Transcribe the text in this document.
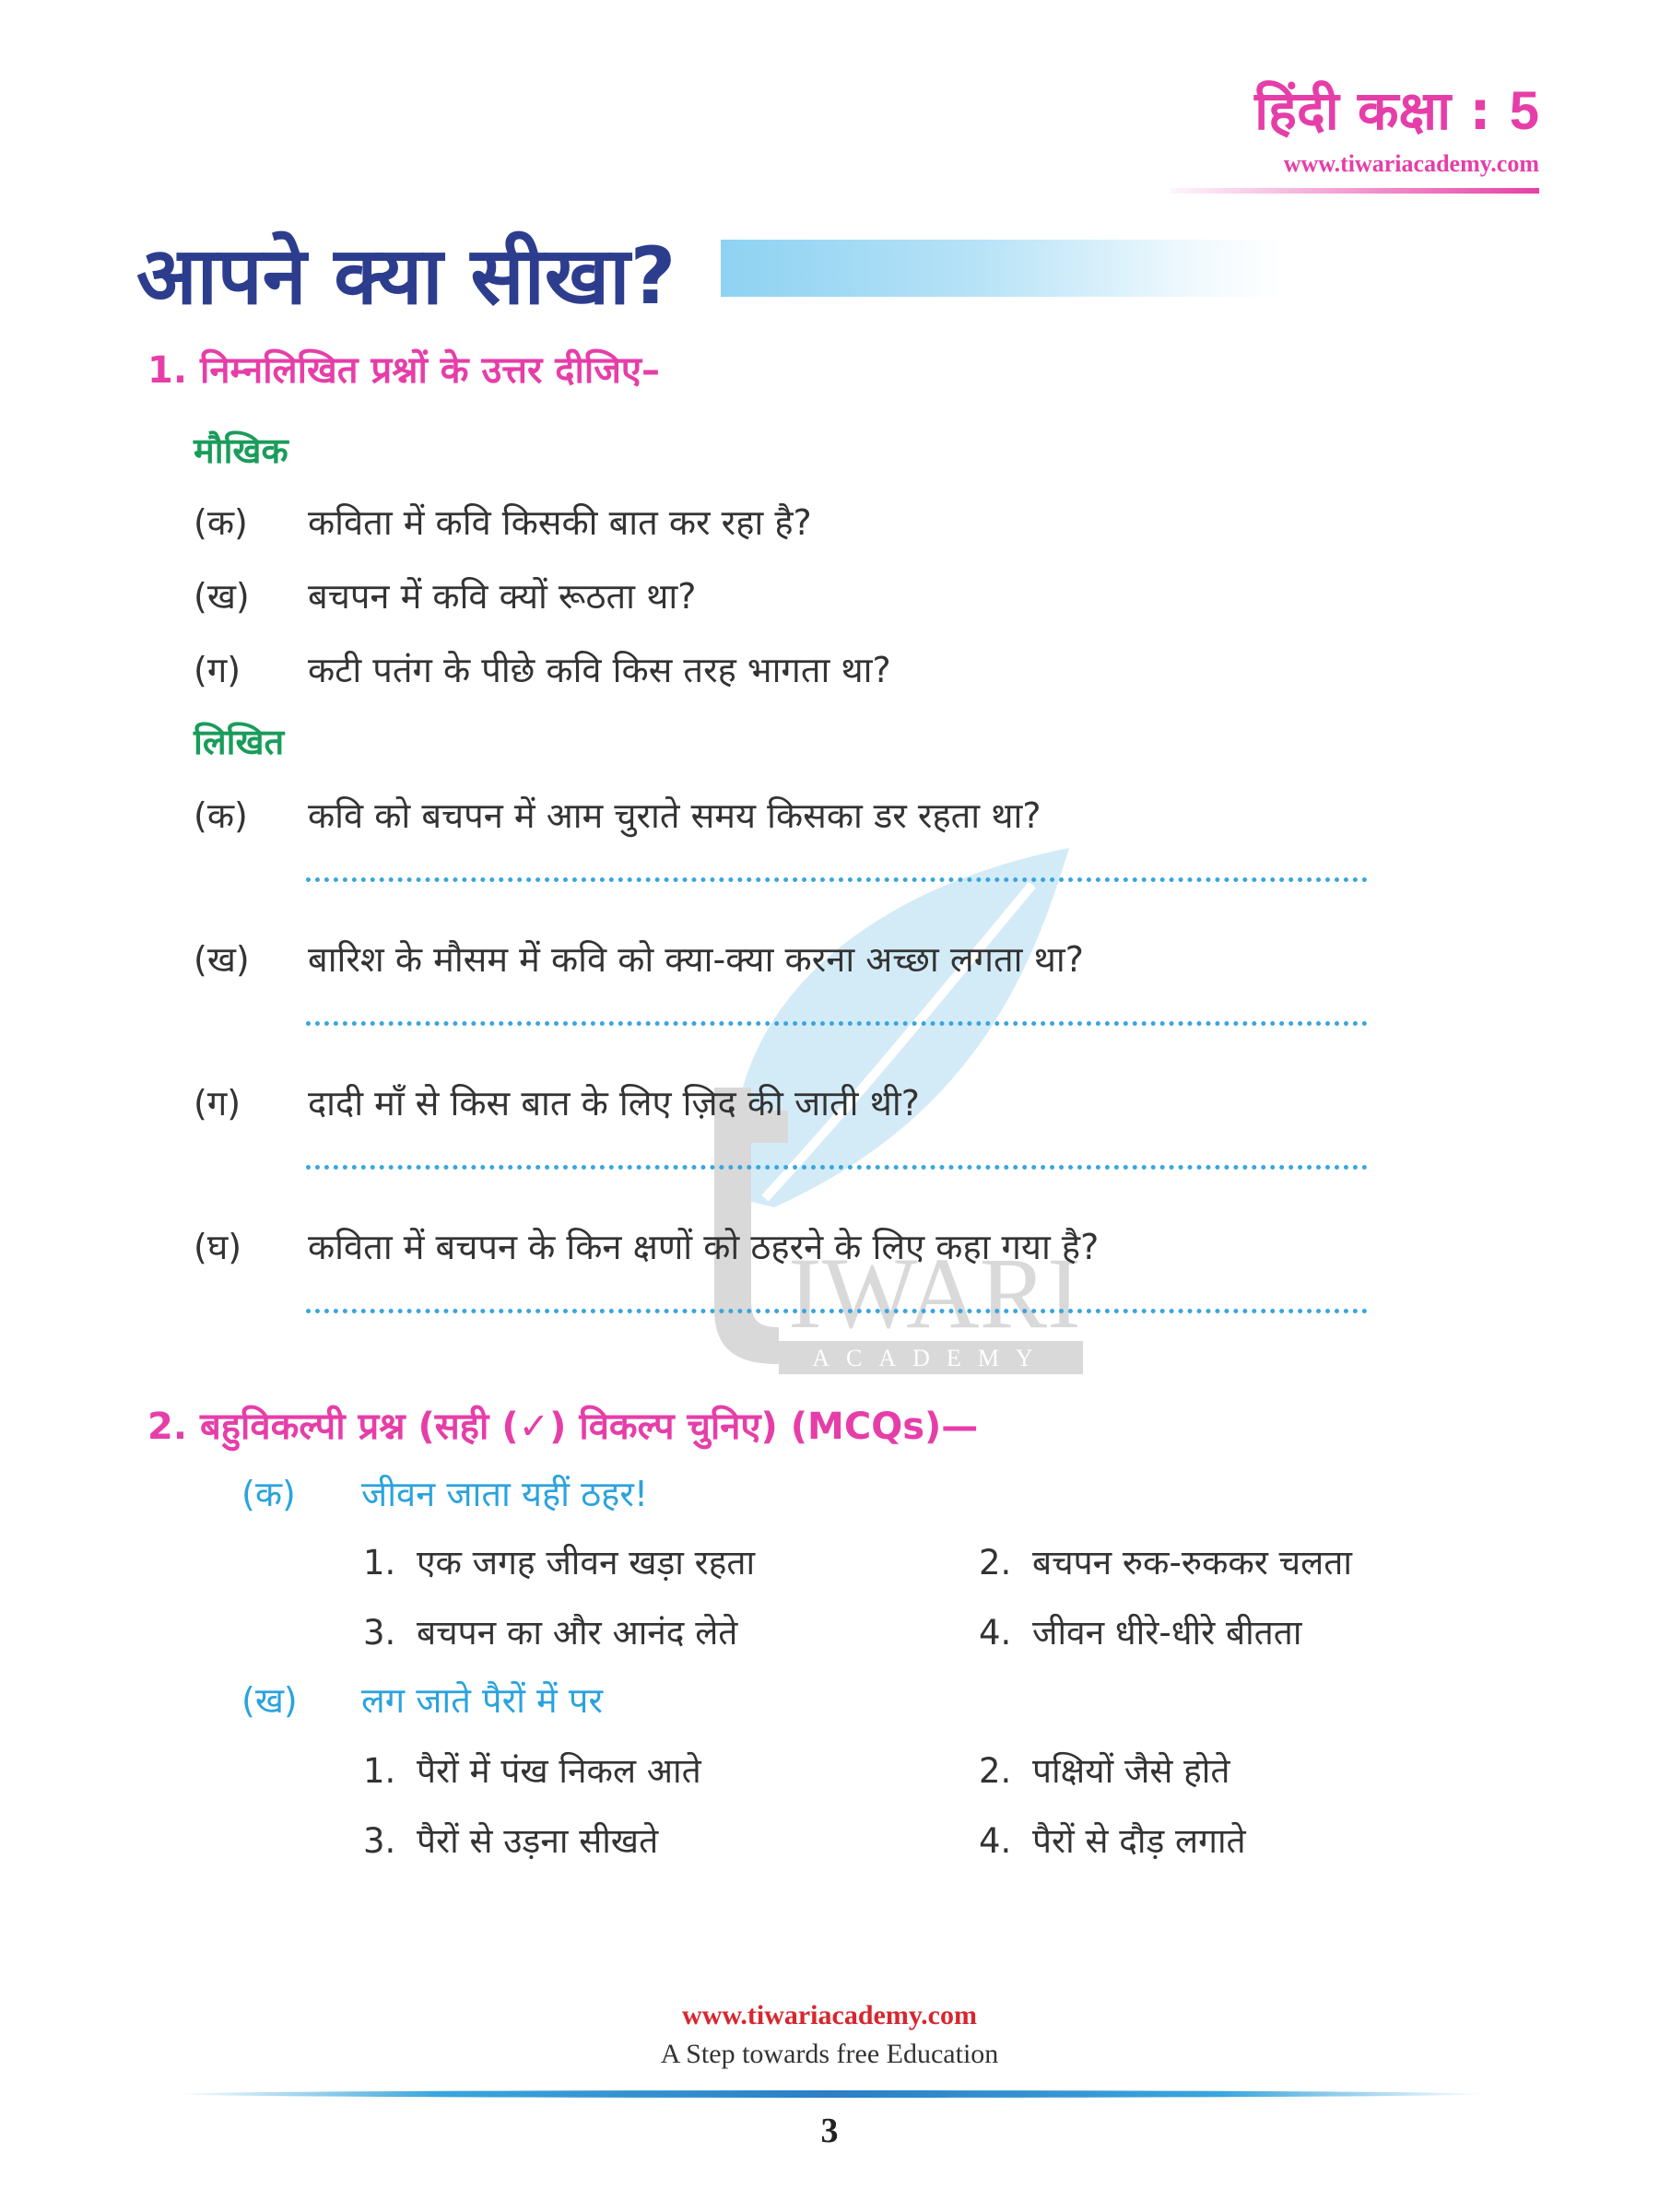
IWARI
ACADEMY
हिंदी कक्षा : 5
www.tiwariacademy.com
आपने क्या सीखा?
1. निम्नलिखित प्रश्नों के उत्तर दीजिए–
मौखिक
(क) कविता में कवि किसकी बात कर रहा है?
(ख) बचपन में कवि क्यों रूठता था?
(ग) कटी पतंग के पीछे कवि किस तरह भागता था?
लिखित
(क) कवि को बचपन में आम चुराते समय किसका डर रहता था?
(ख) बारिश के मौसम में कवि को क्या-क्या करना अच्छा लगता था?
(ग) दादी माँ से किस बात के लिए ज़िद की जाती थी?
(घ) कविता में बचपन के किन क्षणों को ठहरने के लिए कहा गया है?
2. बहुविकल्पी प्रश्न (सही (✓) विकल्प चुनिए) (MCQs)—
(क) जीवन जाता यहीं ठहर!
1. एक जगह जीवन खड़ा रहता	2. बचपन रुक-रुककर चलता
3. बचपन का और आनंद लेते	4. जीवन धीरे-धीरे बीतता
(ख) लग जाते पैरों में पर
1. पैरों में पंख निकल आते	2. पक्षियों जैसे होते
3. पैरों से उड़ना सीखते	4. पैरों से दौड़ लगाते
www.tiwariacademy.com
A Step towards free Education
3
